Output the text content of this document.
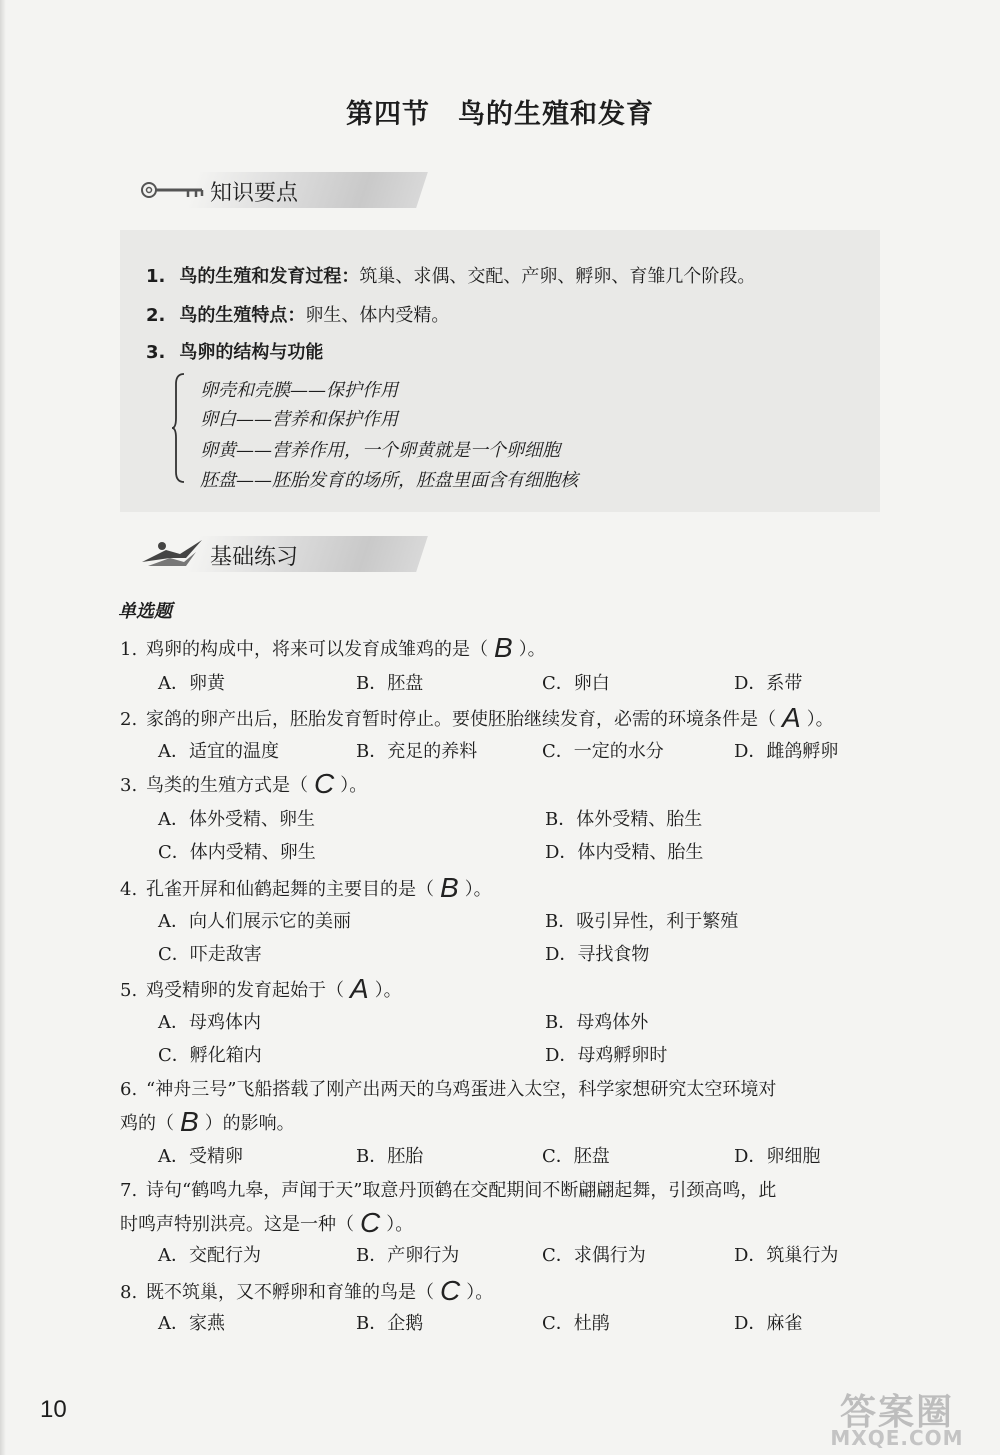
第四节　鸟的生殖和发育
知识要点
1. 鸟的生殖和发育过程：筑巢、求偶、交配、产卵、孵卵、育雏几个阶段。
2. 鸟的生殖特点：卵生、体内受精。
3. 鸟卵的结构与功能
卵壳和壳膜——保护作用
卵白——营养和保护作用
卵黄——营养作用，一个卵黄就是一个卵细胞
胚盘——胚胎发育的场所，胚盘里面含有细胞核
基础练习
单选题
1. 鸡卵的构成中，将来可以发育成雏鸡的是（ B ）。
A．卵黄	B．胚盘	C．卵白	D．系带
2. 家鸽的卵产出后，胚胎发育暂时停止。要使胚胎继续发育，必需的环境条件是（ A ）。
A．适宜的温度	B．充足的养料	C．一定的水分	D．雌鸽孵卵
3. 鸟类的生殖方式是（ C ）。
A．体外受精、卵生	B．体外受精、胎生
C．体内受精、卵生	D．体内受精、胎生
4. 孔雀开屏和仙鹤起舞的主要目的是（ B ）。
A．向人们展示它的美丽	B．吸引异性，利于繁殖
C．吓走敌害	D．寻找食物
5. 鸡受精卵的发育起始于（ A ）。
A．母鸡体内	B．母鸡体外
C．孵化箱内	D．母鸡孵卵时
6. “神舟三号”飞船搭载了刚产出两天的乌鸡蛋进入太空，科学家想研究太空环境对
鸡的（ B ）的影响。
A．受精卵	B．胚胎	C．胚盘	D．卵细胞
7. 诗句“鹤鸣九皋，声闻于天”取意丹顶鹤在交配期间不断翩翩起舞，引颈高鸣，此
时鸣声特别洪亮。这是一种（ C ）。
A．交配行为	B．产卵行为	C．求偶行为	D．筑巢行为
8. 既不筑巢，又不孵卵和育雏的鸟是（ C ）。
A．家燕	B．企鹅	C．杜鹃	D．麻雀
10	答案圈
MXQE.COM
